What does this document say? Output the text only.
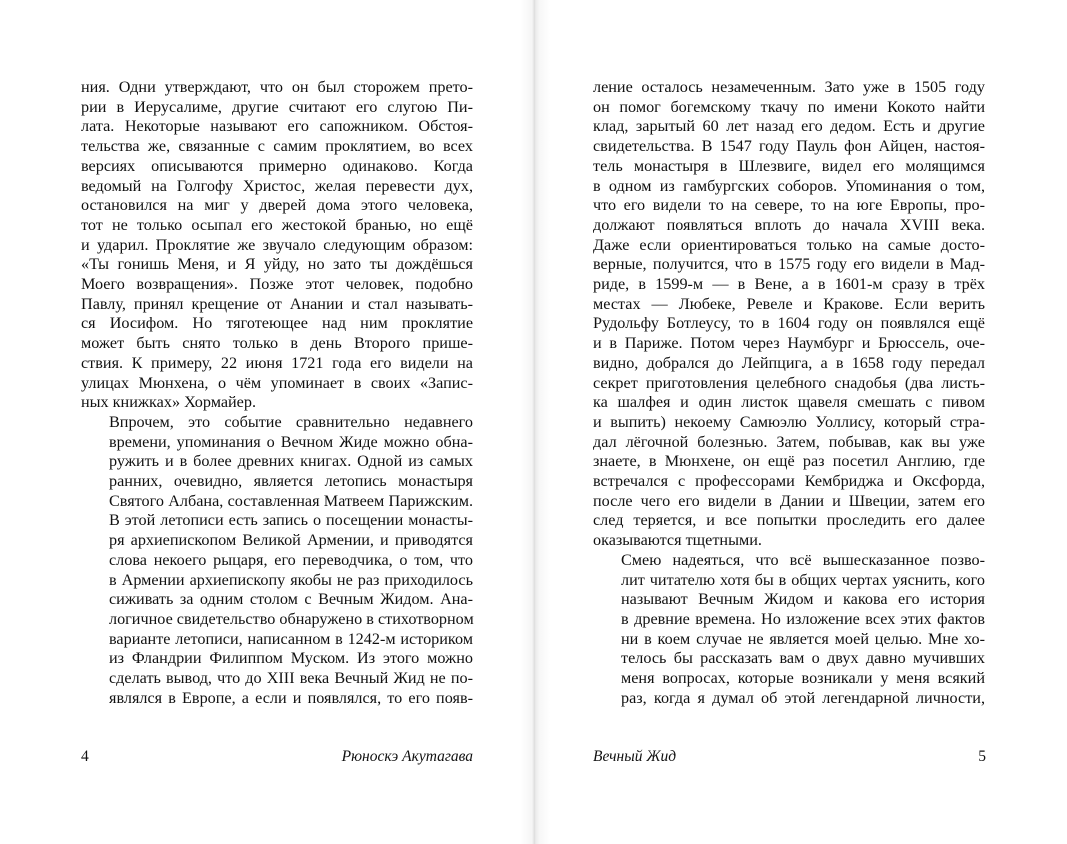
ния. Одни утверждают, что он был сторожем прето-
рии в Иерусалиме, другие считают его слугою Пи-
лата. Некоторые называют его сапожником. Обстоя-
тельства же, связанные с самим проклятием, во всех
версиях описываются примерно одинаково. Когда
ведомый на Голгофу Христос, желая перевести дух,
остановился на миг у дверей дома этого человека,
тот не только осыпал его жестокой бранью, но ещё
и ударил. Проклятие же звучало следующим образом:
«Ты гонишь Меня, и Я уйду, но зато ты дождёшься
Моего возвращения». Позже этот человек, подобно
Павлу, принял крещение от Анании и стал называть-
ся Иосифом. Но тяготеющее над ним проклятие
может быть снято только в день Второго прише-
ствия. К примеру, 22 июня 1721 года его видели на
улицах Мюнхена, о чём упоминает в своих «Запис-
ных книжках» Хормайер.

Впрочем, это событие сравнительно недавнего
времени, упоминания о Вечном Жиде можно обна-
ружить и в более древних книгах. Одной из самых
ранних, очевидно, является летопись монастыря
Святого Албана, составленная Матвеем Парижским.
В этой летописи есть запись о посещении монасты-
ря архиепископом Великой Армении, и приводятся
слова некоего рыцаря, его переводчика, о том, что
в Армении архиепископу якобы не раз приходилось
сиживать за одним столом с Вечным Жидом. Ана-
логичное свидетельство обнаружено в стихотворном
варианте летописи, написанном в 1242-м историком
из Фландрии Филиппом Муском. Из этого можно
сделать вывод, что до XIII века Вечный Жид не по-
являлся в Европе, а если и появлялся, то его появ-

4	Рюноскэ Акутагава

ление осталось незамеченным. Зато уже в 1505 году
он помог богемскому ткачу по имени Кокото найти
клад, зарытый 60 лет назад его дедом. Есть и другие
свидетельства. В 1547 году Пауль фон Айцен, настоя-
тель монастыря в Шлезвиге, видел его молящимся
в одном из гамбургских соборов. Упоминания о том,
что его видели то на севере, то на юге Европы, про-
должают появляться вплоть до начала XVIII века.
Даже если ориентироваться только на самые досто-
верные, получится, что в 1575 году его видели в Мад-
риде, в 1599-м — в Вене, а в 1601-м сразу в трёх
местах — Любеке, Ревеле и Кракове. Если верить
Рудольфу Ботлеусу, то в 1604 году он появлялся ещё
и в Париже. Потом через Наумбург и Брюссель, оче-
видно, добрался до Лейпцига, а в 1658 году передал
секрет приготовления целебного снадобья (два листь-
ка шалфея и один листок щавеля смешать с пивом
и выпить) некоему Самюэлю Уоллису, который стра-
дал лёгочной болезнью. Затем, побывав, как вы уже
знаете, в Мюнхене, он ещё раз посетил Англию, где
встречался с профессорами Кембриджа и Оксфорда,
после чего его видели в Дании и Швеции, затем его
след теряется, и все попытки проследить его далее
оказываются тщетными.

Смею надеяться, что всё вышесказанное позво-
лит читателю хотя бы в общих чертах уяснить, кого
называют Вечным Жидом и какова его история
в древние времена. Но изложение всех этих фактов
ни в коем случае не является моей целью. Мне хо-
телось бы рассказать вам о двух давно мучивших
меня вопросах, которые возникали у меня всякий
раз, когда я думал об этой легендарной личности,

Вечный Жид	5
